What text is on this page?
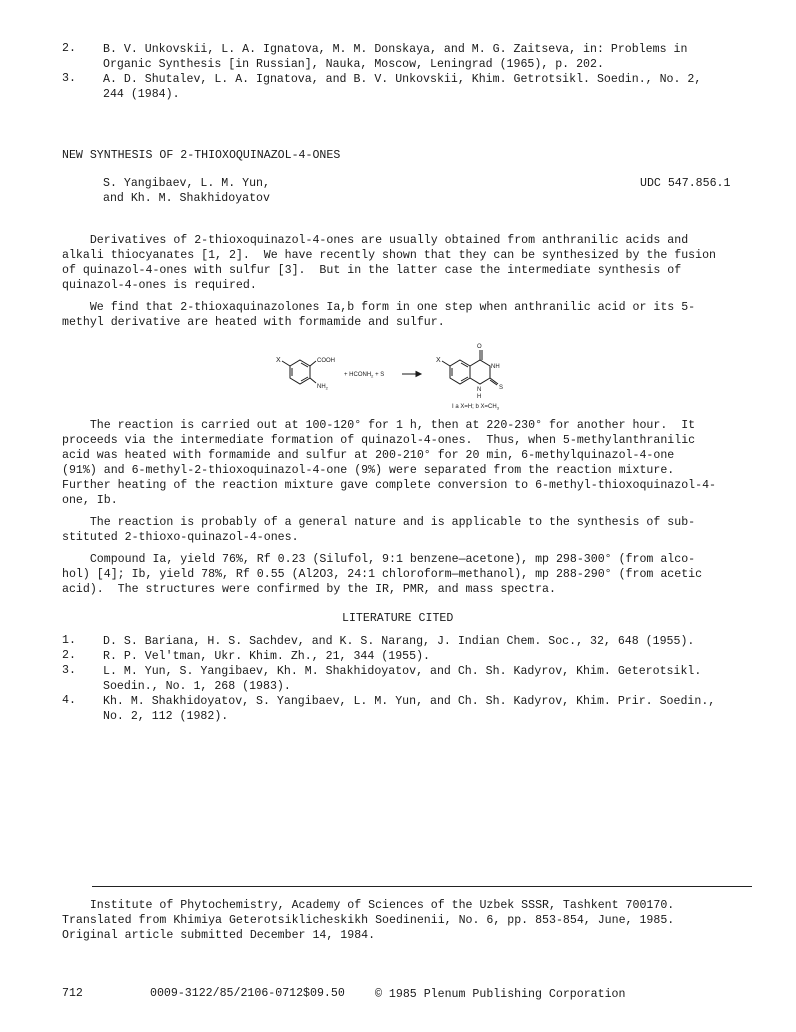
2. B. V. Unkovskii, L. A. Ignatova, M. M. Donskaya, and M. G. Zaitseva, in: Problems in
Organic Synthesis [in Russian], Nauka, Moscow, Leningrad (1965), p. 202.
3. A. D. Shutalev, L. A. Ignatova, and B. V. Unkovskii, Khim. Getrotsikl. Soedin., No. 2,
244 (1984).
NEW SYNTHESIS OF 2-THIOXOQUINAZOL-4-ONES
S. Yangibaev, L. M. Yun,
and Kh. M. Shakhidoyatov
UDC 547.856.1
Derivatives of 2-thioxoquinazol-4-ones are usually obtained from anthranilic acids and
alkali thiocyanates [1, 2].  We have recently shown that they can be synthesized by the fusion
of quinazol-4-ones with sulfur [3].  But in the latter case the intermediate synthesis of
quinazol-4-ones is required.
We find that 2-thioxaquinazolones Ia,b form in one step when anthranilic acid or its 5-
methyl derivative are heated with formamide and sulfur.
X	COOH
$NH_2$
+ $HCONH_2 + S$
X
O
NH
S
N
H
I a X=H; b $X=CH_3$
The reaction is carried out at 100-120° for 1 h, then at 220-230° for another hour.  It
proceeds via the intermediate formation of quinazol-4-ones.  Thus, when 5-methylanthranilic
acid was heated with formamide and sulfur at 200-210° for 20 min, 6-methylquinazol-4-one
(91%) and 6-methyl-2-thioxoquinazol-4-one (9%) were separated from the reaction mixture.
Further heating of the reaction mixture gave complete conversion to 6-methyl-thioxoquinazol-4-
one, Ib.
The reaction is probably of a general nature and is applicable to the synthesis of sub-
stituted 2-thioxo-quinazol-4-ones.
Compound Ia, yield 76%, Rf 0.23 (Silufol, 9:1 benzene—acetone), mp 298-300° (from alco-
hol) [4]; Ib, yield 78%, Rf 0.55 (Al2O3, 24:1 chloroform—methanol), mp 288-290° (from acetic
acid).  The structures were confirmed by the IR, PMR, and mass spectra.
LITERATURE CITED
1. D. S. Bariana, H. S. Sachdev, and K. S. Narang, J. Indian Chem. Soc., 32, 648 (1955).
2. R. P. Vel'tman, Ukr. Khim. Zh., 21, 344 (1955).
3. L. M. Yun, S. Yangibaev, Kh. M. Shakhidoyatov, and Ch. Sh. Kadyrov, Khim. Geterotsikl.
Soedin., No. 1, 268 (1983).
4. Kh. M. Shakhidoyatov, S. Yangibaev, L. M. Yun, and Ch. Sh. Kadyrov, Khim. Prir. Soedin.,
No. 2, 112 (1982).
Institute of Phytochemistry, Academy of Sciences of the Uzbek SSSR, Tashkent 700170.
Translated from Khimiya Geterotsiklicheskikh Soedinenii, No. 6, pp. 853-854, June, 1985.
Original article submitted December 14, 1984.
712	0009-3122/85/2106-0712$09.50	© 1985 Plenum Publishing Corporation
